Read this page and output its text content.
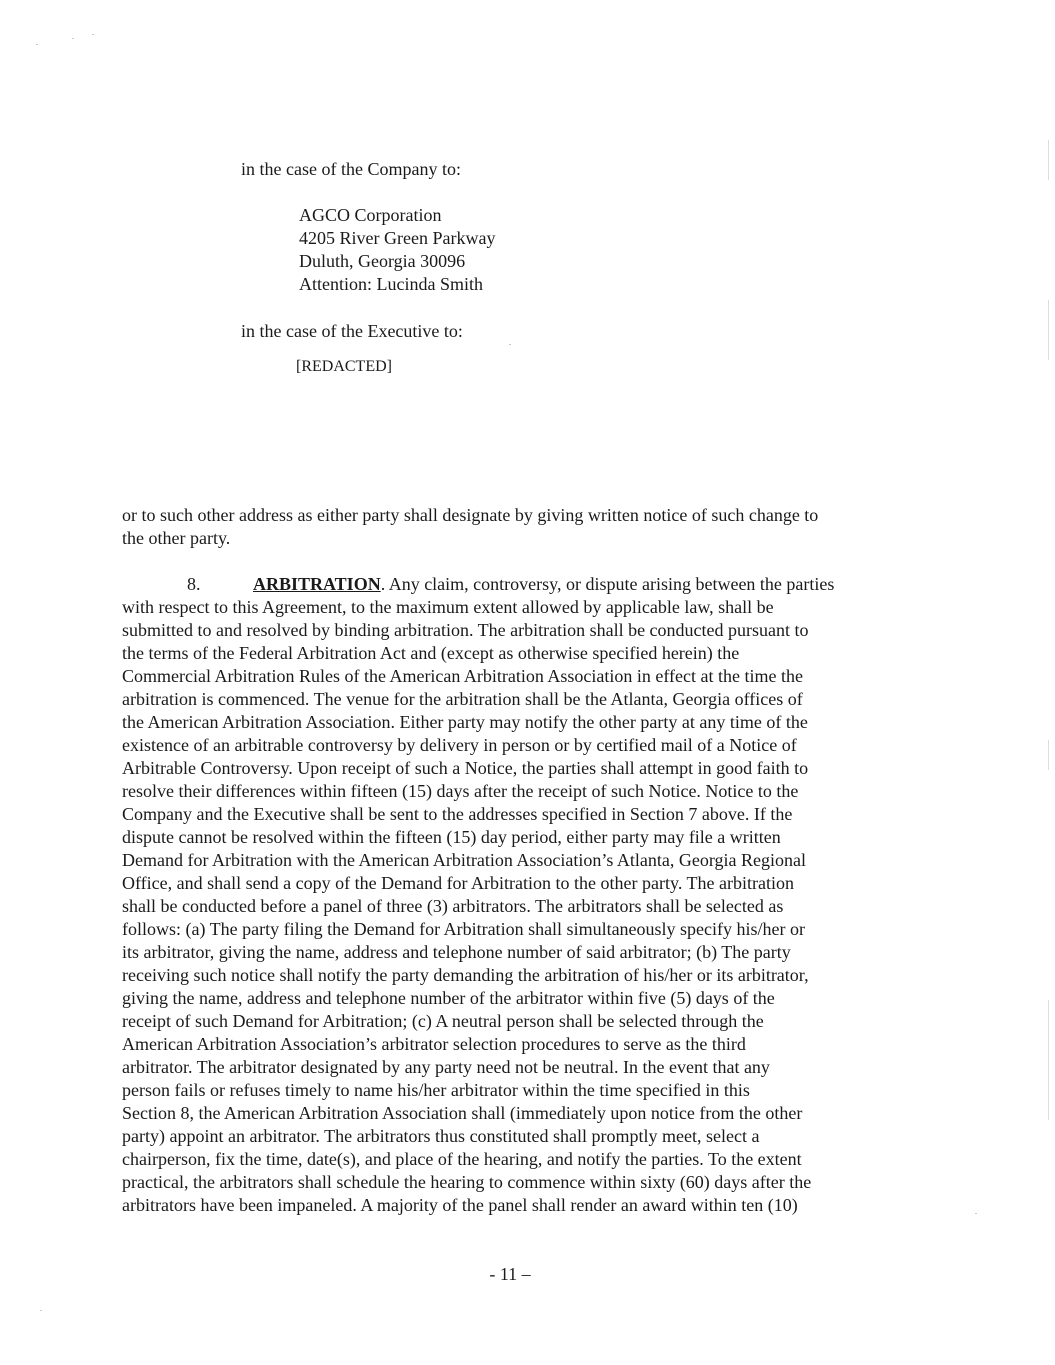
in the case of the Company to:
AGCO Corporation
4205 River Green Parkway
Duluth, Georgia 30096
Attention: Lucinda Smith
in the case of the Executive to:
[REDACTED]
or to such other address as either party shall designate by giving written notice of such change to
the other party.
8.	ARBITRATION. Any claim, controversy, or dispute arising between the parties
with respect to this Agreement, to the maximum extent allowed by applicable law, shall be
submitted to and resolved by binding arbitration. The arbitration shall be conducted pursuant to
the terms of the Federal Arbitration Act and (except as otherwise specified herein) the
Commercial Arbitration Rules of the American Arbitration Association in effect at the time the
arbitration is commenced. The venue for the arbitration shall be the Atlanta, Georgia offices of
the American Arbitration Association. Either party may notify the other party at any time of the
existence of an arbitrable controversy by delivery in person or by certified mail of a Notice of
Arbitrable Controversy. Upon receipt of such a Notice, the parties shall attempt in good faith to
resolve their differences within fifteen (15) days after the receipt of such Notice. Notice to the
Company and the Executive shall be sent to the addresses specified in Section 7 above. If the
dispute cannot be resolved within the fifteen (15) day period, either party may file a written
Demand for Arbitration with the American Arbitration Association’s Atlanta, Georgia Regional
Office, and shall send a copy of the Demand for Arbitration to the other party. The arbitration
shall be conducted before a panel of three (3) arbitrators. The arbitrators shall be selected as
follows: (a) The party filing the Demand for Arbitration shall simultaneously specify his/her or
its arbitrator, giving the name, address and telephone number of said arbitrator; (b) The party
receiving such notice shall notify the party demanding the arbitration of his/her or its arbitrator,
giving the name, address and telephone number of the arbitrator within five (5) days of the
receipt of such Demand for Arbitration; (c) A neutral person shall be selected through the
American Arbitration Association’s arbitrator selection procedures to serve as the third
arbitrator. The arbitrator designated by any party need not be neutral. In the event that any
person fails or refuses timely to name his/her arbitrator within the time specified in this
Section 8, the American Arbitration Association shall (immediately upon notice from the other
party) appoint an arbitrator. The arbitrators thus constituted shall promptly meet, select a
chairperson, fix the time, date(s), and place of the hearing, and notify the parties. To the extent
practical, the arbitrators shall schedule the hearing to commence within sixty (60) days after the
arbitrators have been impaneled. A majority of the panel shall render an award within ten (10)
- 11 –
